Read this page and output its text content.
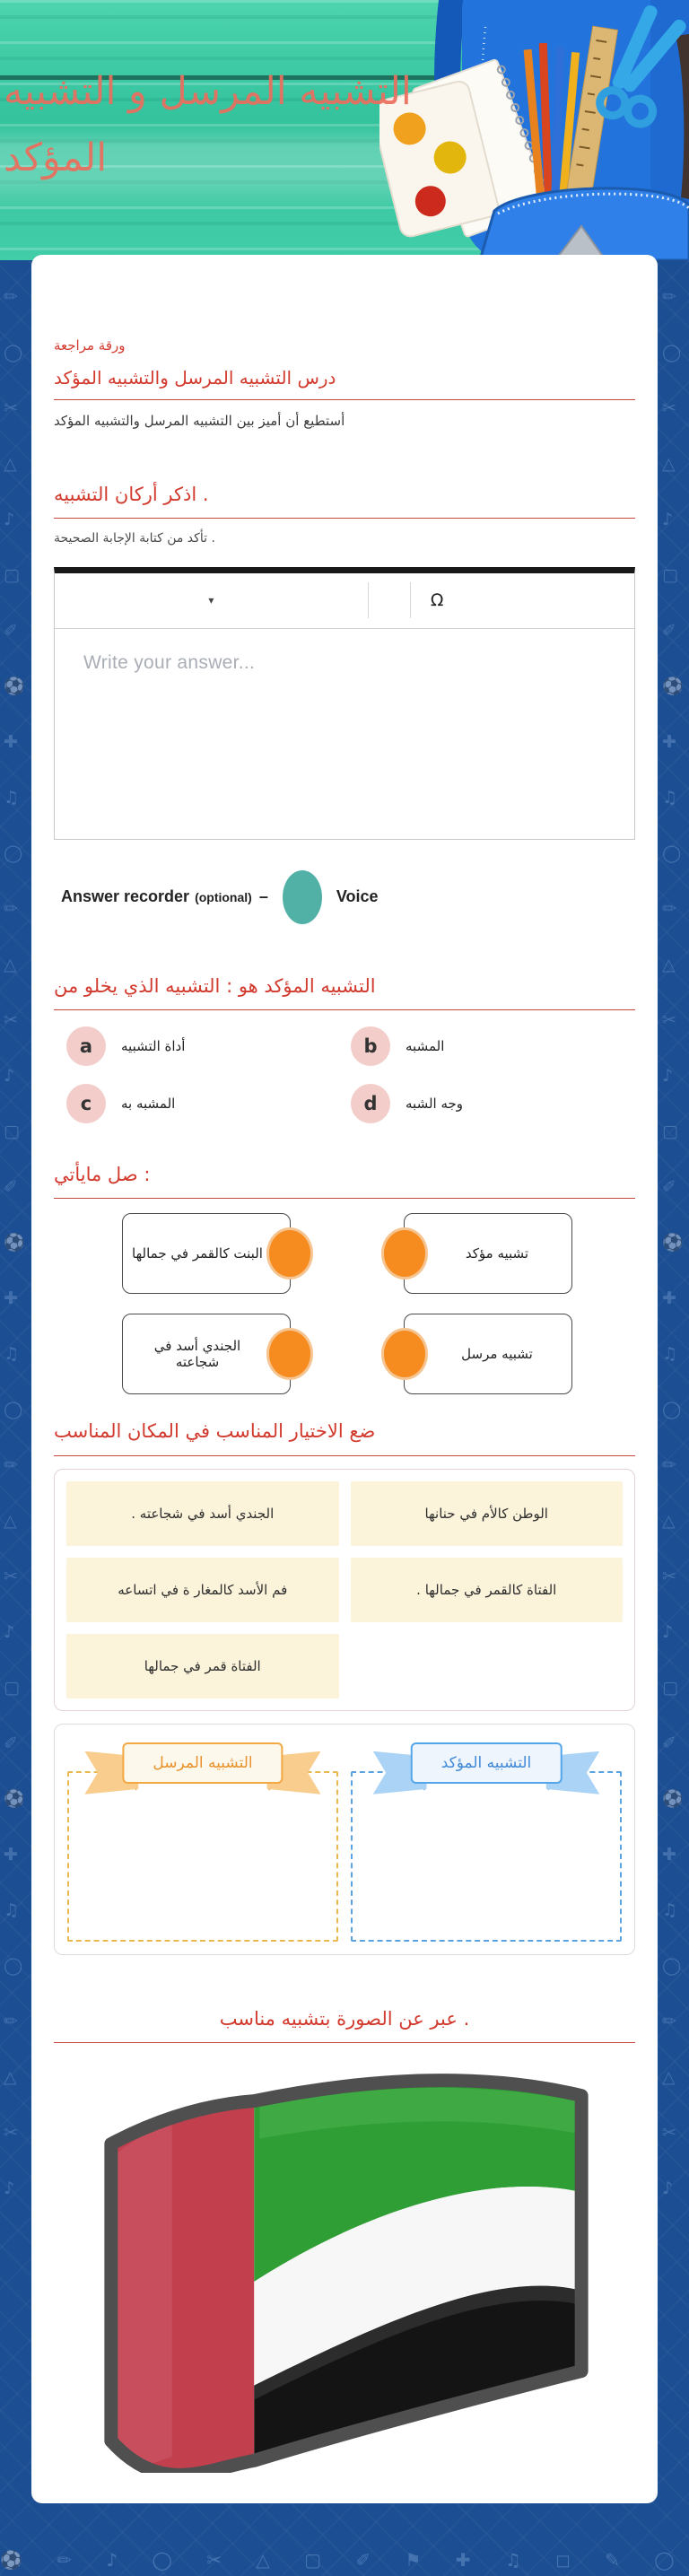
✏ ◯ ✂ △ ♪ ▢ ✐ ⚽ ✚ ♫ ◯ ✏ △ ✂ ♪ ▢ ✐ ⚽ ✚ ♫ ◯ ✏ △ ✂ ♪ ▢ ✐ ⚽ ✚ ♫ ◯ ✏ △ ✂ ♪
✏ ◯ ✂ △ ♪ ▢ ✐ ⚽ ✚ ♫ ◯ ✏ △ ✂ ♪ ▢ ✐ ⚽ ✚ ♫ ◯ ✏ △ ✂ ♪ ▢ ✐ ⚽ ✚ ♫ ◯ ✏ △ ✂ ♪
⚽ ✏ ♪ ◯ ✂ △ ▢ ✐ ⚑ ✚ ♫ ◻ ✎ ◯ △ ✂ ✏ ⚽ ♪ ◻ ✐ ⚑ ✚ ♫ ✏ ◯ ✂ △
التشبيه المرسل و التشبيه
المؤكد
ورقة مراجعة
درس التشبيه المرسل والتشبيه المؤكد

أستطيع أن أميز بين التشبيه المرسل والتشبيه المؤكد

اذكر أركان التشبيه .

تأكد من كتابة الإجابة الصحيحة .

▾	Ω
Write your answer...
Answer recorder (optional) –	Voice
التشبيه المؤكد هو : التشبيه الذي يخلو من
a	أداة التشبيه	b	المشبه
c	المشبه به	d	وجه الشبه
صل مايأتي :
البنت كالقمر في جمالها	تشبيه مؤكد
الجندي أسد في شجاعته	تشبيه مرسل
ضع الاختيار المناسب في المكان المناسب
الجندي أسد في شجاعته .	الوطن كالأم في حنانها
فم الأسد كالمغار ة في اتساعه	الفتاة كالقمر في جمالها .
الفتاة قمر في جمالها
التشبيه المرسل	التشبيه المؤكد
عبر عن الصورة بتشبيه مناسب .
